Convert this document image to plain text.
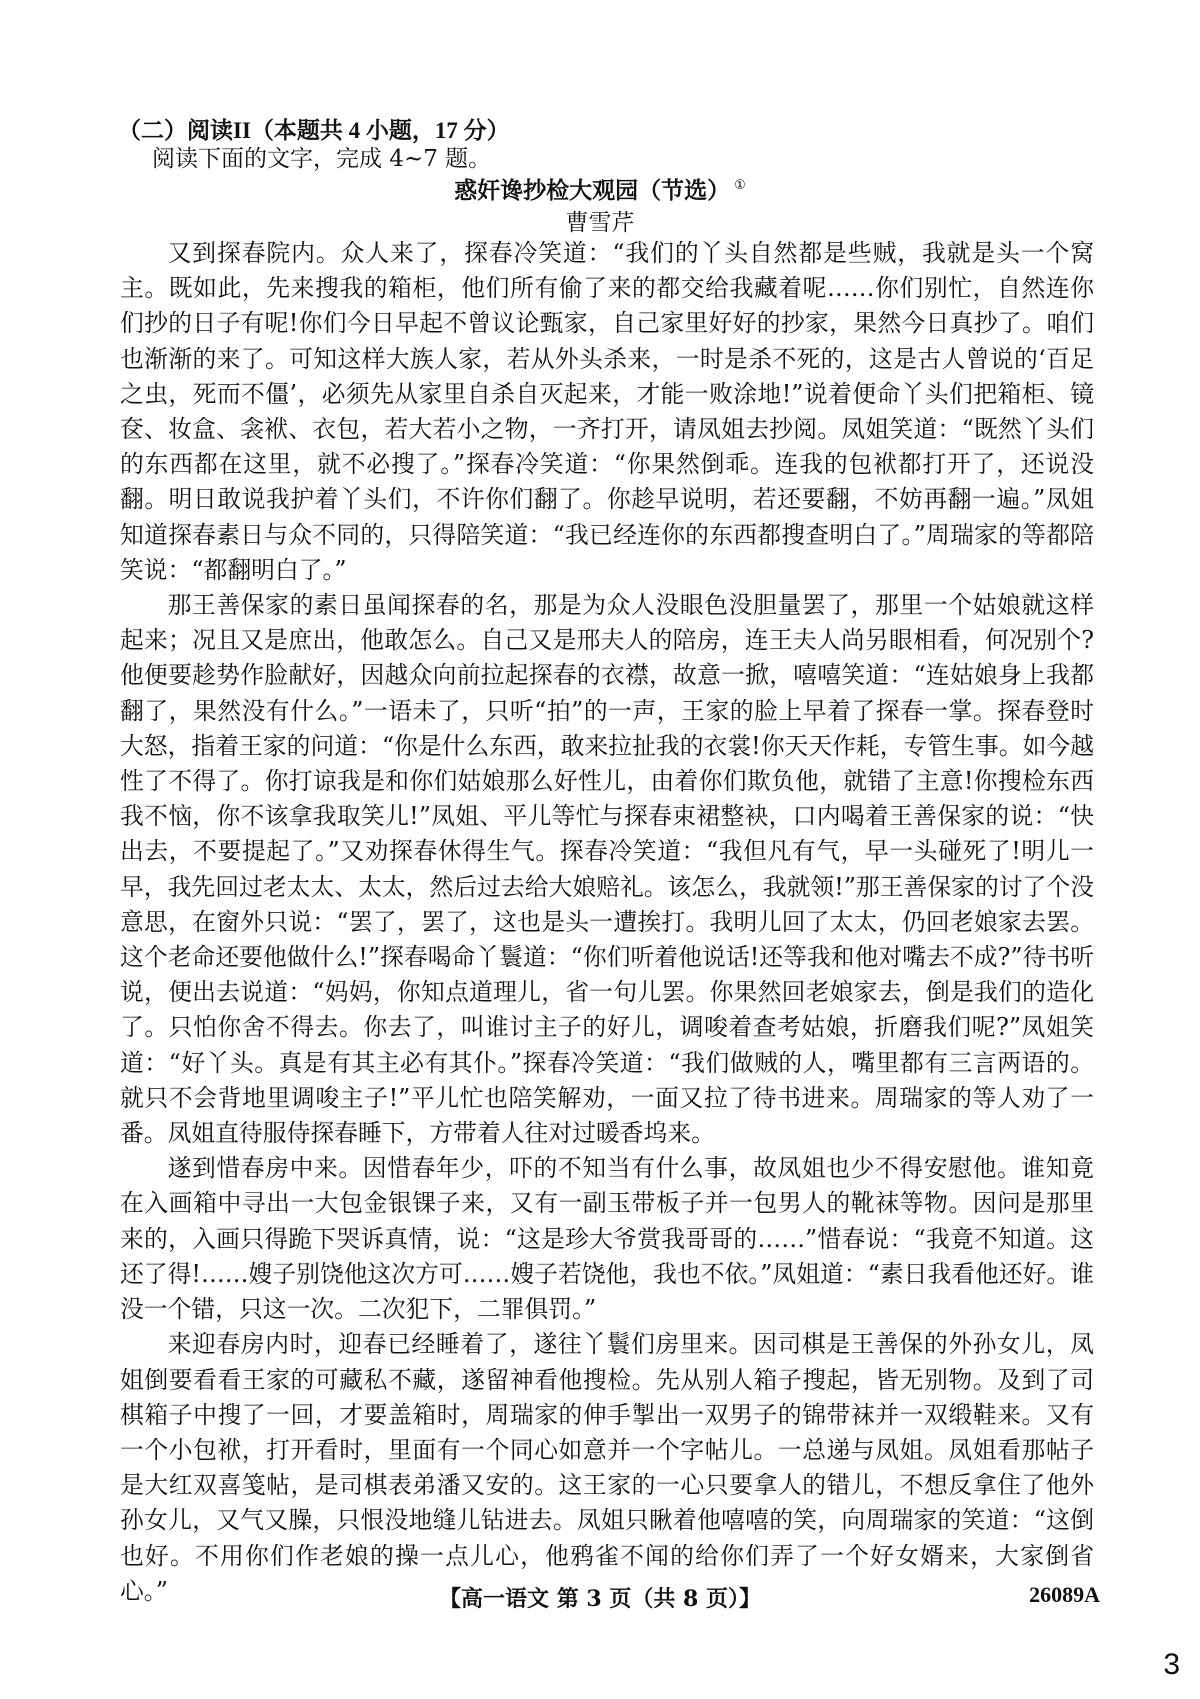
（二）阅读II（本题共 4 小题，17 分）
阅读下面的文字，完成 4~7 题。
惑奸谗抄检大观园（节选） ①
曹雪芹

又到探春院内。众人来了，探春冷笑道：“我们的丫头自然都是些贼，我就是头一个窝主。既如此，先来搜我的箱柜，他们所有偷了来的都交给我藏着呢……你们别忙，自然连你们抄的日子有呢!你们今日早起不曾议论甄家，自己家里好好的抄家，果然今日真抄了。咱们也渐渐的来了。可知这样大族人家，若从外头杀来，一时是杀不死的，这是古人曾说的‘百足之虫，死而不僵’，必须先从家里自杀自灭起来，才能一败涂地!”说着便命丫头们把箱柜、镜奁、妆盒、衾袱、衣包，若大若小之物，一齐打开，请凤姐去抄阅。凤姐笑道：“既然丫头们的东西都在这里，就不必搜了。”探春冷笑道：“你果然倒乖。连我的包袱都打开了，还说没翻。明日敢说我护着丫头们，不许你们翻了。你趁早说明，若还要翻，不妨再翻一遍。”凤姐知道探春素日与众不同的，只得陪笑道：“我已经连你的东西都搜查明白了。”周瑞家的等都陪笑说：“都翻明白了。”

那王善保家的素日虽闻探春的名，那是为众人没眼色没胆量罢了，那里一个姑娘就这样起来；况且又是庶出，他敢怎么。自己又是邢夫人的陪房，连王夫人尚另眼相看，何况别个?他便要趁势作脸献好，因越众向前拉起探春的衣襟，故意一掀，嘻嘻笑道：“连姑娘身上我都翻了，果然没有什么。”一语未了，只听“拍”的一声，王家的脸上早着了探春一掌。探春登时大怒，指着王家的问道：“你是什么东西，敢来拉扯我的衣裳!你天天作耗，专管生事。如今越性了不得了。你打谅我是和你们姑娘那么好性儿，由着你们欺负他，就错了主意!你搜检东西我不恼，你不该拿我取笑儿!”凤姐、平儿等忙与探春束裙整袂，口内喝着王善保家的说：“快出去，不要提起了。”又劝探春休得生气。探春冷笑道：“我但凡有气，早一头碰死了!明儿一早，我先回过老太太、太太，然后过去给大娘赔礼。该怎么，我就领!”那王善保家的讨了个没意思，在窗外只说：“罢了，罢了，这也是头一遭挨打。我明儿回了太太，仍回老娘家去罢。这个老命还要他做什么!”探春喝命丫鬟道：“你们听着他说话!还等我和他对嘴去不成?”待书听说，便出去说道：“妈妈，你知点道理儿，省一句儿罢。你果然回老娘家去，倒是我们的造化了。只怕你舍不得去。你去了，叫谁讨主子的好儿，调唆着查考姑娘，折磨我们呢?”凤姐笑道：“好丫头。真是有其主必有其仆。”探春冷笑道：“我们做贼的人，嘴里都有三言两语的。就只不会背地里调唆主子!”平儿忙也陪笑解劝，一面又拉了待书进来。周瑞家的等人劝了一番。凤姐直待服侍探春睡下，方带着人往对过暖香坞来。

遂到惜春房中来。因惜春年少，吓的不知当有什么事，故凤姐也少不得安慰他。谁知竟在入画箱中寻出一大包金银锞子来，又有一副玉带板子并一包男人的靴袜等物。因问是那里来的，入画只得跪下哭诉真情，说：“这是珍大爷赏我哥哥的……”惜春说：“我竟不知道。这还了得!……嫂子别饶他这次方可……嫂子若饶他，我也不依。”凤姐道：“素日我看他还好。谁没一个错，只这一次。二次犯下，二罪俱罚。”

来迎春房内时，迎春已经睡着了，遂往丫鬟们房里来。因司棋是王善保的外孙女儿，凤姐倒要看看王家的可藏私不藏，遂留神看他搜检。先从别人箱子搜起，皆无别物。及到了司棋箱子中搜了一回，才要盖箱时，周瑞家的伸手掣出一双男子的锦带袜并一双缎鞋来。又有一个小包袱，打开看时，里面有一个同心如意并一个字帖儿。一总递与凤姐。凤姐看那帖子是大红双喜笺帖，是司棋表弟潘又安的。这王家的一心只要拿人的错儿，不想反拿住了他外孙女儿，又气又臊，只恨没地缝儿钻进去。凤姐只瞅着他嘻嘻的笑，向周瑞家的笑道：“这倒也好。不用你们作老娘的操一点儿心，他鸦雀不闻的给你们弄了一个好女婿来，大家倒省心。”	【高一语文 第 3 页（共 8 页）】	26089A
3
